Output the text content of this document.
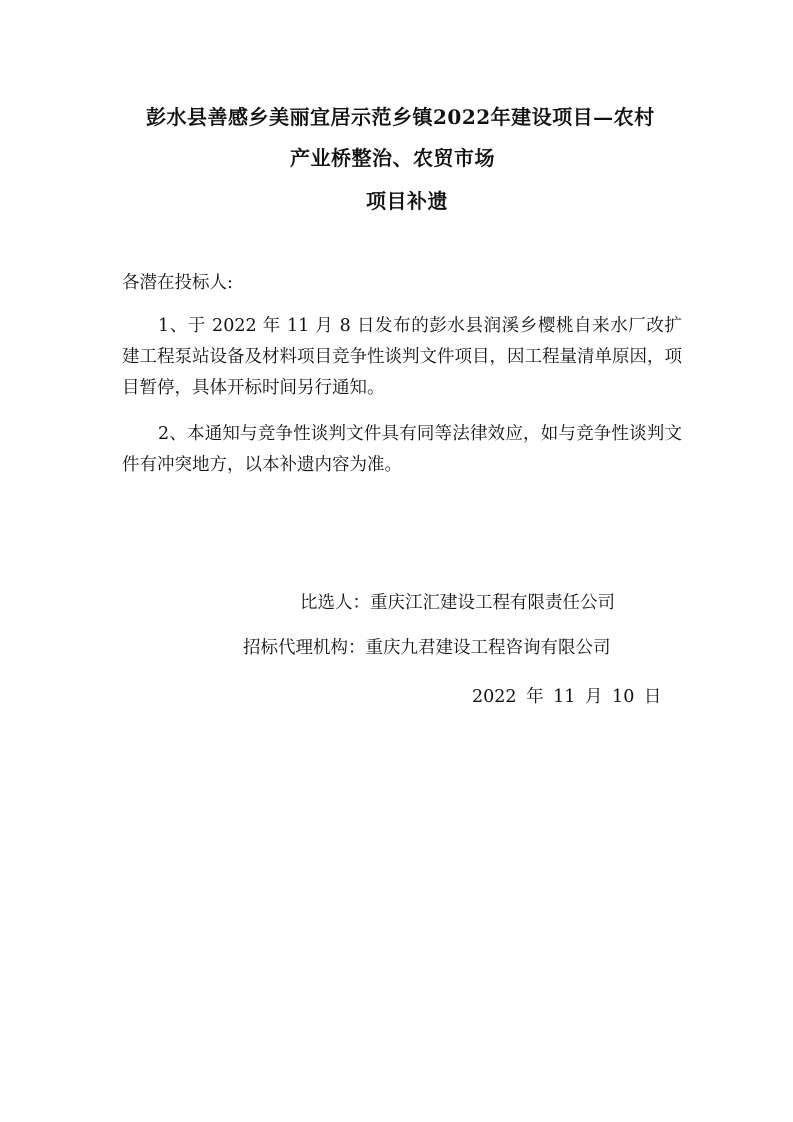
彭水县善感乡美丽宜居示范乡镇2022年建设项目—农村
产业桥整治、农贸市场
项目补遗
各潜在投标人:
1、于 2022 年 11 月 8 日发布的彭水县润溪乡樱桃自来水厂改扩建工程泵站设备及材料项目竞争性谈判文件项目，因工程量清单原因，项目暂停，具体开标时间另行通知。
2、本通知与竞争性谈判文件具有同等法律效应，如与竞争性谈判文件有冲突地方，以本补遗内容为准。
比选人：重庆江汇建设工程有限责任公司
招标代理机构：重庆九君建设工程咨询有限公司
2022 年 11 月 10 日
